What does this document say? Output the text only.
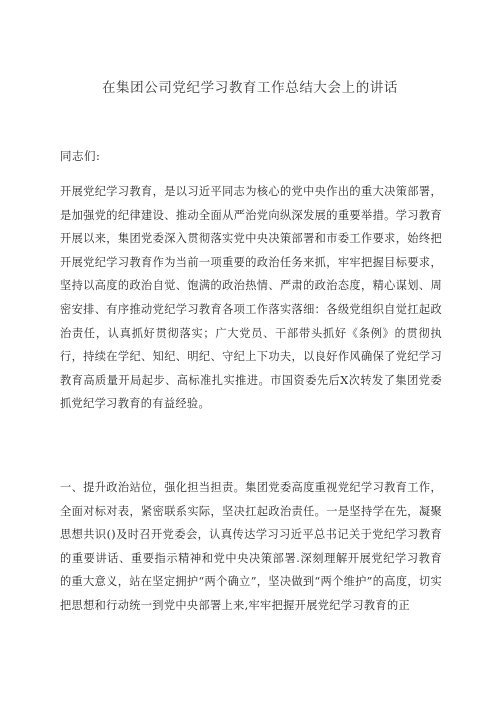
在集团公司党纪学习教育工作总结大会上的讲话
同志们:

开展党纪学习教育，是以习近平同志为核心的党中央作出的重大决策部署，是加强党的纪律建设、推动全面从严治党向纵深发展的重要举措。学习教育开展以来，集团党委深入贯彻落实党中央决策部署和市委工作要求，始终把开展党纪学习教育作为当前一项重要的政治任务来抓，牢牢把握目标要求，坚持以高度的政治自觉、饱满的政治热情、严肃的政治态度，精心谋划、周密安排、有序推动党纪学习教育各项工作落实落细：各级党组织自觉扛起政治责任，认真抓好贯彻落实；广大党员、干部带头抓好《条例》的贯彻执行，持续在学纪、知纪、明纪、守纪上下功夫，以良好作风确保了党纪学习教育高质量开局起步、高标准扎实推进。市国资委先后X次转发了集团党委抓党纪学习教育的有益经验。

一、提升政治站位，强化担当担责。集团党委高度重视党纪学习教育工作，全面对标对表，紧密联系实际，坚决扛起政治责任。一是坚持学在先，凝聚思想共识()及时召开党委会，认真传达学习习近平总书记关于党纪学习教育的重要讲话、重要指示精神和党中央决策部署.深刻理解开展党纪学习教育的重大意义，站在坚定拥护“两个确立”，坚决做到“两个维护”的高度，切实把思想和行动统一到党中央部署上来,牢牢把握开展党纪学习教育的正
